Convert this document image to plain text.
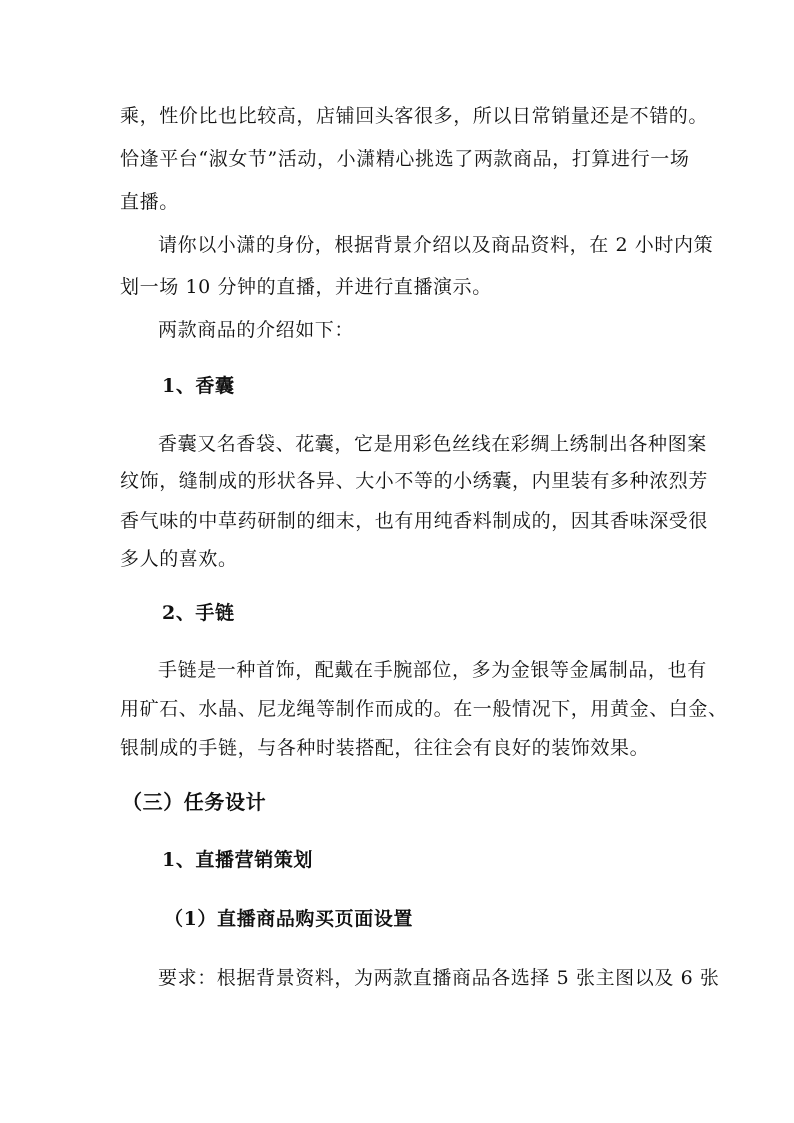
乘，性价比也比较高，店铺回头客很多，所以日常销量还是不错的。
恰逢平台“淑女节”活动，小潇精心挑选了两款商品，打算进行一场
直播。
请你以小潇的身份，根据背景介绍以及商品资料，在 2 小时内策
划一场 10 分钟的直播，并进行直播演示。
两款商品的介绍如下：
1、香囊
香囊又名香袋、花囊，它是用彩色丝线在彩绸上绣制出各种图案
纹饰，缝制成的形状各异、大小不等的小绣囊，内里装有多种浓烈芳
香气味的中草药研制的细末，也有用纯香料制成的，因其香味深受很
多人的喜欢。
2、手链
手链是一种首饰，配戴在手腕部位，多为金银等金属制品，也有
用矿石、水晶、尼龙绳等制作而成的。在一般情况下，用黄金、白金、
银制成的手链，与各种时装搭配，往往会有良好的装饰效果。
（三）任务设计
1、直播营销策划
（1）直播商品购买页面设置
要求：根据背景资料，为两款直播商品各选择 5 张主图以及 6 张
